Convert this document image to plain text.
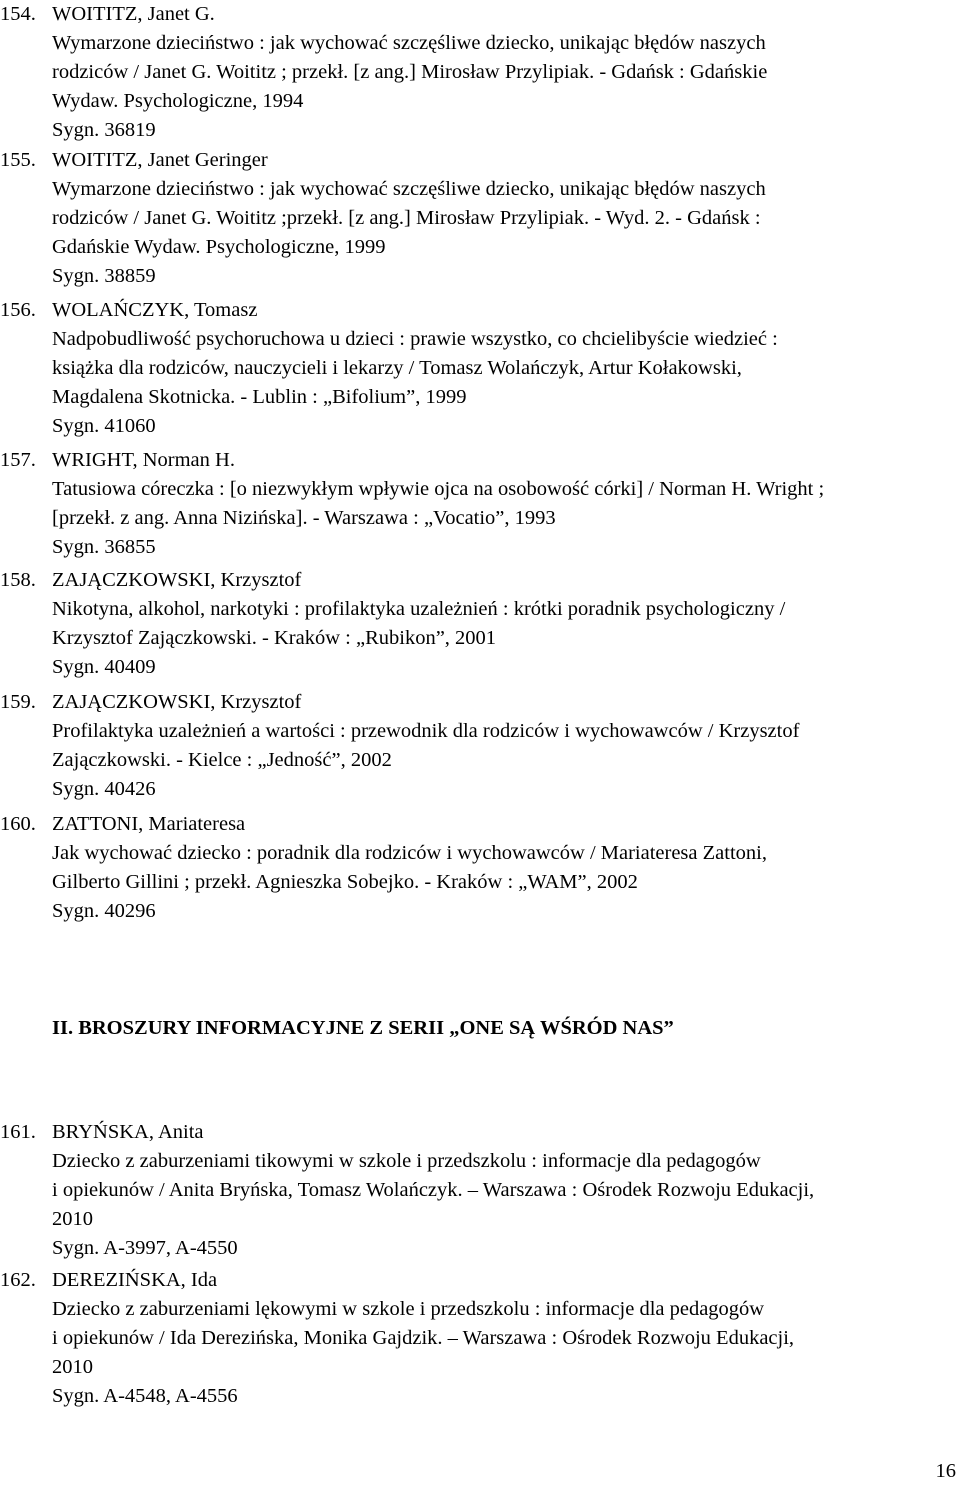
154. WOITITZ, Janet G.
Wymarzone dzieciństwo : jak wychować szczęśliwe dziecko, unikając błędów naszych
rodziców / Janet G. Woititz ; przekł. [z ang.] Mirosław Przylipiak. - Gdańsk : Gdańskie
Wydaw. Psychologiczne, 1994
Sygn. 36819
155. WOITITZ, Janet Geringer
Wymarzone dzieciństwo : jak wychować szczęśliwe dziecko, unikając błędów naszych
rodziców / Janet G. Woititz ;przekł. [z ang.] Mirosław Przylipiak. - Wyd. 2. - Gdańsk :
Gdańskie Wydaw. Psychologiczne, 1999
Sygn. 38859
156. WOLAŃCZYK, Tomasz
Nadpobudliwość psychoruchowa u dzieci : prawie wszystko, co chcielibyście wiedzieć :
książka dla rodziców, nauczycieli i lekarzy / Tomasz Wolańczyk, Artur Kołakowski,
Magdalena Skotnicka. - Lublin : „Bifolium”, 1999
Sygn. 41060
157. WRIGHT, Norman H.
Tatusiowa córeczka : [o niezwykłym wpływie ojca na osobowość córki] / Norman H. Wright ;
[przekł. z ang. Anna Nizińska]. - Warszawa : „Vocatio”, 1993
Sygn. 36855
158. ZAJĄCZKOWSKI, Krzysztof
Nikotyna, alkohol, narkotyki : profilaktyka uzależnień : krótki poradnik psychologiczny /
Krzysztof Zajączkowski. - Kraków : „Rubikon”, 2001
Sygn. 40409
159. ZAJĄCZKOWSKI, Krzysztof
Profilaktyka uzależnień a wartości : przewodnik dla rodziców i wychowawców / Krzysztof
Zajączkowski. - Kielce : „Jedność”, 2002
Sygn. 40426
160. ZATTONI, Mariateresa
Jak wychować dziecko : poradnik dla rodziców i wychowawców / Mariateresa Zattoni,
Gilberto Gillini ; przekł. Agnieszka Sobejko. - Kraków : „WAM”, 2002
Sygn. 40296
161. BRYŃSKA, Anita
Dziecko z zaburzeniami tikowymi w szkole i przedszkolu : informacje dla pedagogów
i opiekunów / Anita Bryńska, Tomasz Wolańczyk. – Warszawa : Ośrodek Rozwoju Edukacji,
2010
Sygn. A-3997, A-4550
162. DEREZIŃSKA, Ida
Dziecko z zaburzeniami lękowymi w szkole i przedszkolu : informacje dla pedagogów
i opiekunów / Ida Derezińska, Monika Gajdzik. – Warszawa : Ośrodek Rozwoju Edukacji,
2010
Sygn. A-4548, A-4556
II. BROSZURY INFORMACYJNE Z SERII „ONE SĄ WŚRÓD NAS”
16
